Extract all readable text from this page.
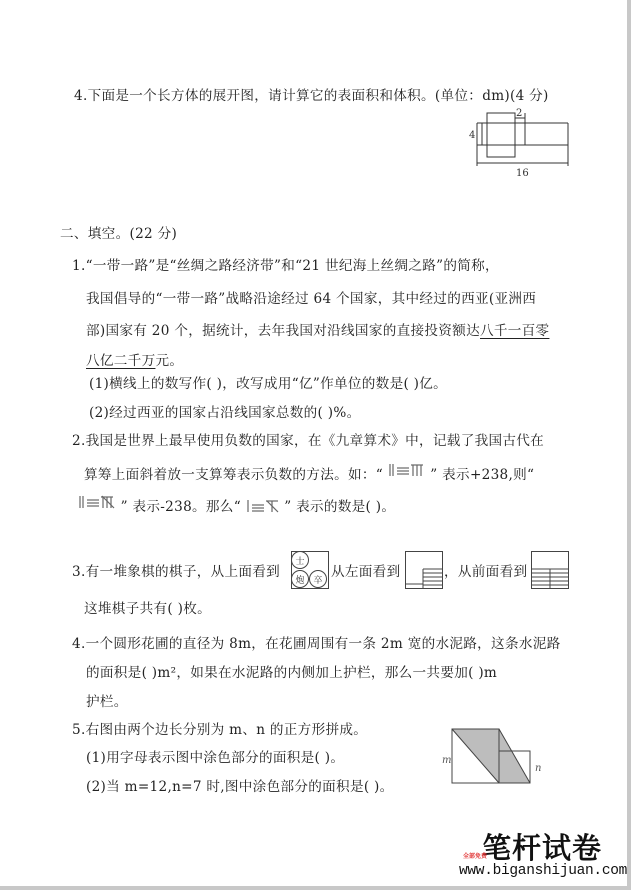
4.下面是一个长方体的展开图，请计算它的表面积和体积。(单位：dm)(4 分)
4
2
16
二、填空。(22 分)
1.“一带一路”是“丝绸之路经济带”和“21 世纪海上丝绸之路”的简称，
我国倡导的“一带一路”战略沿途经过 64 个国家，其中经过的西亚(亚洲西
部)国家有 20 个，据统计，去年我国对沿线国家的直接投资额达八千一百零
八亿二千万元。
(1)横线上的数写作( )，改写成用“亿”作单位的数是( )亿。
(2)经过西亚的国家占沿线国家总数的( )%。
2.我国是世界上最早使用负数的国家，在《九章算术》中，记载了我国古代在
算筹上面斜着放一支算筹表示负数的方法。如：“	” 表示+238,则“
” 表示-238。那么“	” 表示的数是( )。
3.有一堆象棋的棋子，从上面看到
士
炮 卒
从左面看到	，从前面看到
这堆棋子共有( )枚。
4.一个圆形花圃的直径为 8m，在花圃周围有一条 2m 宽的水泥路，这条水泥路
的面积是( )m²，如果在水泥路的内侧加上护栏，那么一共要加( )m
护栏。
5.右图由两个边长分别为 m、n 的正方形拼成。
(1)用字母表示图中涂色部分的面积是( )。
(2)当 m=12,n=7 时,图中涂色部分的面积是( )。
m
n
笔杆试卷
全部免费
www.biganshijuan.com
